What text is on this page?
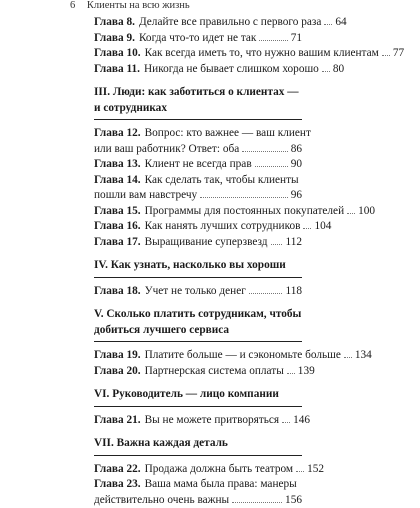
6 Клиенты на всю жизнь
Глава 8. Делайте все правильно с первого раза 64
Глава 9. Когда что-то идет не так	71
Глава 10. Как всегда иметь то, что нужно вашим клиентам 77
Глава 11. Никогда не бывает слишком хорошо 80
III. Люди: как заботиться о клиентах — и сотрудниках
Глава 12. Вопрос: кто важнее — ваш клиент
или ваш работник? Ответ: оба	86
Глава 13. Клиент не всегда прав	90
Глава 14. Как сделать так, чтобы клиенты
пошли вам навстречу	96
Глава 15. Программы для постоянных покупателей 100
Глава 16. Как нанять лучших сотрудников 104
Глава 17. Выращивание суперзвезд 112
IV. Как узнать, насколько вы хороши
Глава 18. Учет не только денег	118
V. Сколько платить сотрудникам, чтобы добиться лучшего сервиса
Глава 19. Платите больше — и сэкономьте больше 134
Глава 20. Партнерская система оплаты 139
VI. Руководитель — лицо компании
Глава 21. Вы не можете притворяться 146
VII. Важна каждая деталь
Глава 22. Продажа должна быть театром 152
Глава 23. Ваша мама была права: манеры
действительно очень важны	156
